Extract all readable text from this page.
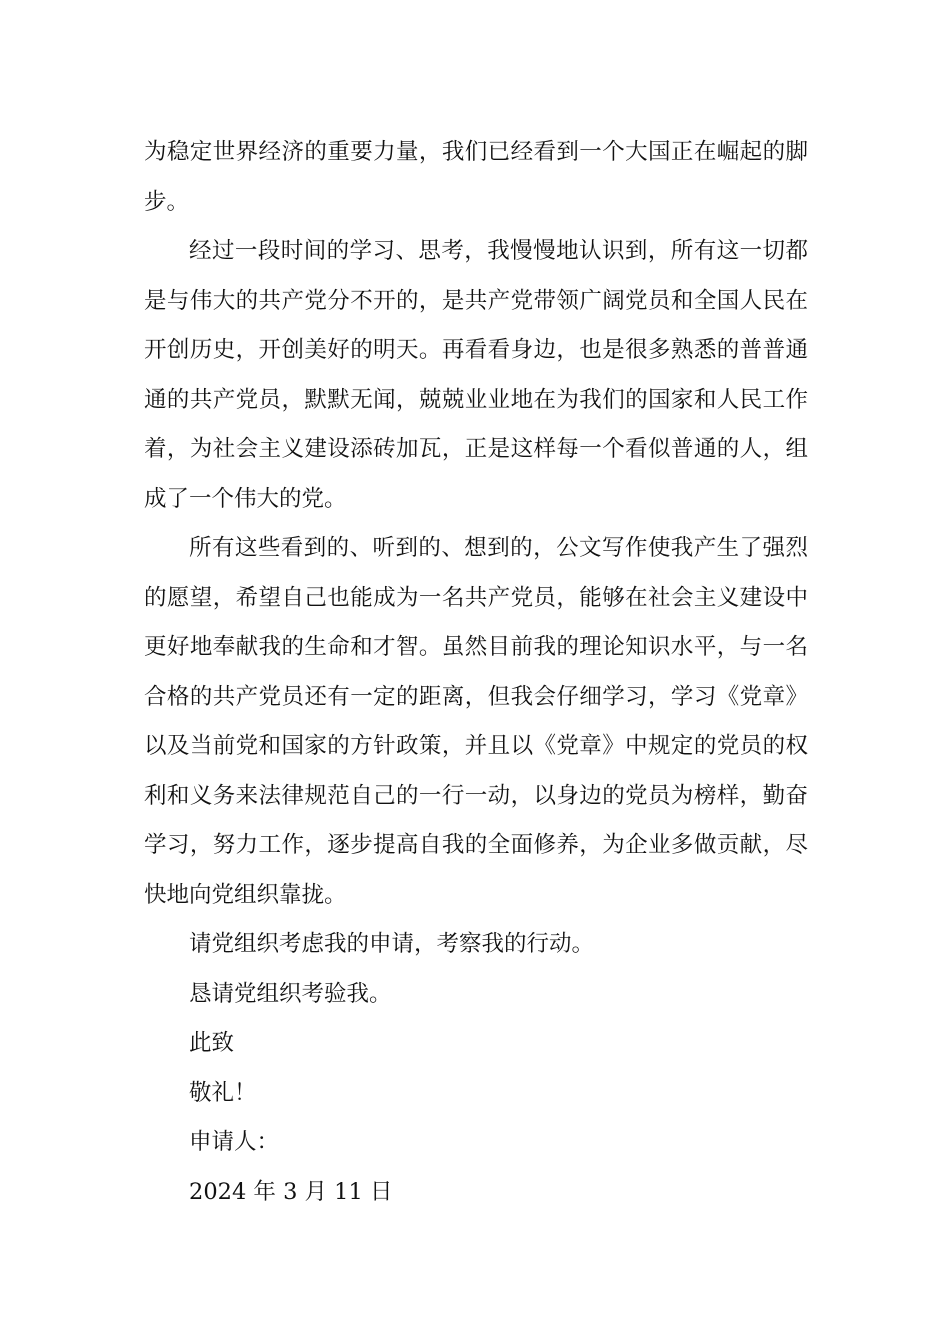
为稳定世界经济的重要力量，我们已经看到一个大国正在崛起的脚步。

经过一段时间的学习、思考，我慢慢地认识到，所有这一切都是与伟大的共产党分不开的，是共产党带领广阔党员和全国人民在开创历史，开创美好的明天。再看看身边，也是很多熟悉的普普通通的共产党员，默默无闻，兢兢业业地在为我们的国家和人民工作着，为社会主义建设添砖加瓦，正是这样每一个看似普通的人，组成了一个伟大的党。

所有这些看到的、听到的、想到的，公文写作使我产生了强烈的愿望，希望自己也能成为一名共产党员，能够在社会主义建设中更好地奉献我的生命和才智。虽然目前我的理论知识水平，与一名合格的共产党员还有一定的距离，但我会仔细学习，学习《党章》以及当前党和国家的方针政策，并且以《党章》中规定的党员的权利和义务来法律规范自己的一行一动，以身边的党员为榜样，勤奋学习，努力工作，逐步提高自我的全面修养，为企业多做贡献，尽快地向党组织靠拢。

请党组织考虑我的申请，考察我的行动。

恳请党组织考验我。

此致

敬礼！

申请人：

2024 年 3 月 11 日
